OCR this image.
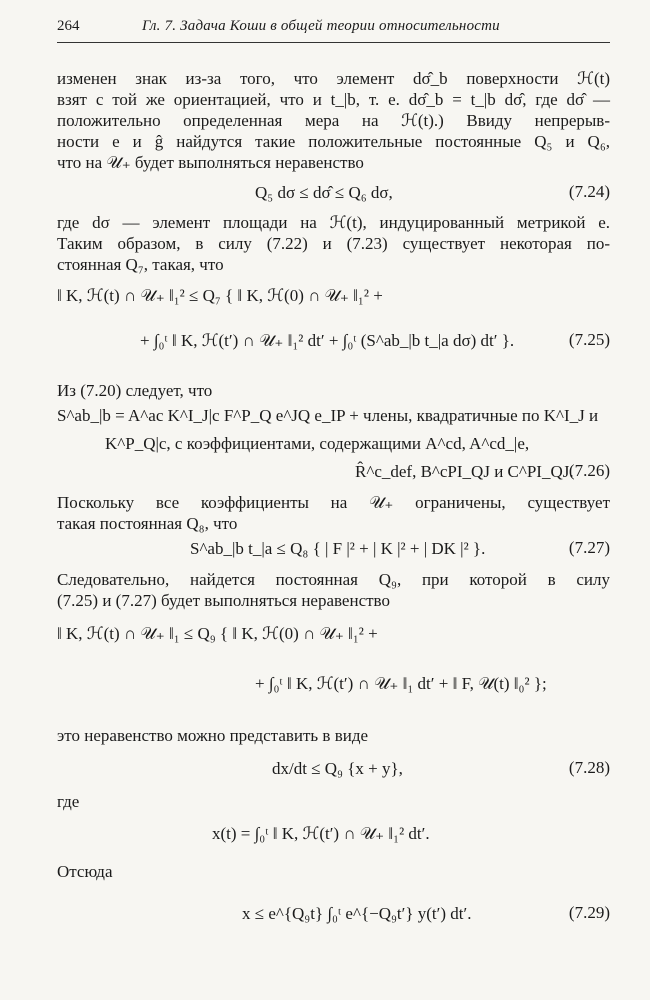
264	Гл. 7. Задача Коши в общей теории относительности
изменен знак из-за того, что элемент dσ̂_b поверхности ℋ(t)
взят с той же ориентацией, что и t_|b, т. е. dσ̂_b = t_|b dσ̂, где dσ̂ —
положительно определенная мера на ℋ(t).) Ввиду непрерыв-
ности e и ĝ найдутся такие положительные постоянные Q₅ и Q₆,
что на 𝒰₊ будет выполняться неравенство
Q₅ dσ ≤ dσ̂ ≤ Q₆ dσ,	(7.24)
где dσ — элемент площади на ℋ(t), индуцированный метрикой e.
Таким образом, в силу (7.22) и (7.23) существует некоторая по-
стоянная Q₇, такая, что
‖ K, ℋ(t) ∩ 𝒰₊ ‖₁² ≤ Q₇ { ‖ K, ℋ(0) ∩ 𝒰₊ ‖₁² +
+ ∫₀ᵗ ‖ K, ℋ(t′) ∩ 𝒰₊ ‖₁² dt′ + ∫₀ᵗ (S^ab_|b t_|a dσ) dt′ }.	(7.25)
Из (7.20) следует, что
S^ab_|b = A^ac K^I_J|c F^P_Q e^JQ e_IP + члены, квадратичные по K^I_J и
K^P_Q|c, с коэффициентами, содержащими A^cd, A^cd_|e,
R̂^c_def, B^cPI_QJ и C^PI_QJ.
(7.26)
Поскольку все коэффициенты на 𝒰₊ ограничены, существует
такая постоянная Q₈, что
S^ab_|b t_|a ≤ Q₈ { | F |² + | K |² + | DK |² }.	(7.27)
Следовательно, найдется постоянная Q₉, при которой в силу
(7.25) и (7.27) будет выполняться неравенство
‖ K, ℋ(t) ∩ 𝒰₊ ‖₁ ≤ Q₉ { ‖ K, ℋ(0) ∩ 𝒰₊ ‖₁² +
+ ∫₀ᵗ ‖ K, ℋ(t′) ∩ 𝒰₊ ‖₁ dt′ + ‖ F, 𝒰(t) ‖₀² };
это неравенство можно представить в виде
dx/dt ≤ Q₉ {x + y},	(7.28)
где
x(t) = ∫₀ᵗ ‖ K, ℋ(t′) ∩ 𝒰₊ ‖₁² dt′.
Отсюда
x ≤ e^{Q₉t} ∫₀ᵗ e^{−Q₉t′} y(t′) dt′.	(7.29)
